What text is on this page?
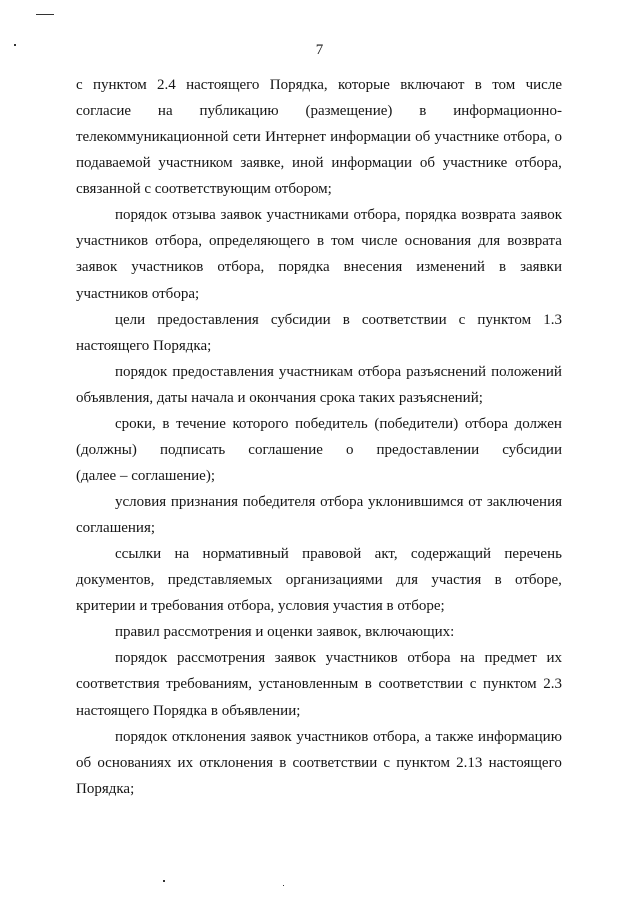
7
с пунктом 2.4 настоящего Порядка, которые включают в том числе
согласие на публикацию (размещение) в информационно-
телекоммуникационной сети Интернет информации об участнике отбора, о
подаваемой участником заявке, иной информации об участнике отбора,
связанной с соответствующим отбором;
порядок отзыва заявок участниками отбора, порядка возврата заявок
участников отбора, определяющего в том числе основания для возврата
заявок участников отбора, порядка внесения изменений в заявки
участников отбора;
цели предоставления субсидии в соответствии с пунктом 1.3
настоящего Порядка;
порядок предоставления участникам отбора разъяснений положений
объявления, даты начала и окончания срока таких разъяснений;
сроки, в течение которого победитель (победители) отбора должен
(должны) подписать соглашение о предоставлении субсидии
(далее – соглашение);
условия признания победителя отбора уклонившимся от заключения
соглашения;
ссылки на нормативный правовой акт, содержащий перечень
документов, представляемых организациями для участия в отборе,
критерии и требования отбора, условия участия в отборе;
правил рассмотрения и оценки заявок, включающих:
порядок рассмотрения заявок участников отбора на предмет их
соответствия требованиям, установленным в соответствии с пунктом 2.3
настоящего Порядка в объявлении;
порядок отклонения заявок участников отбора, а также информацию
об основаниях их отклонения в соответствии с пунктом 2.13 настоящего
Порядка;
